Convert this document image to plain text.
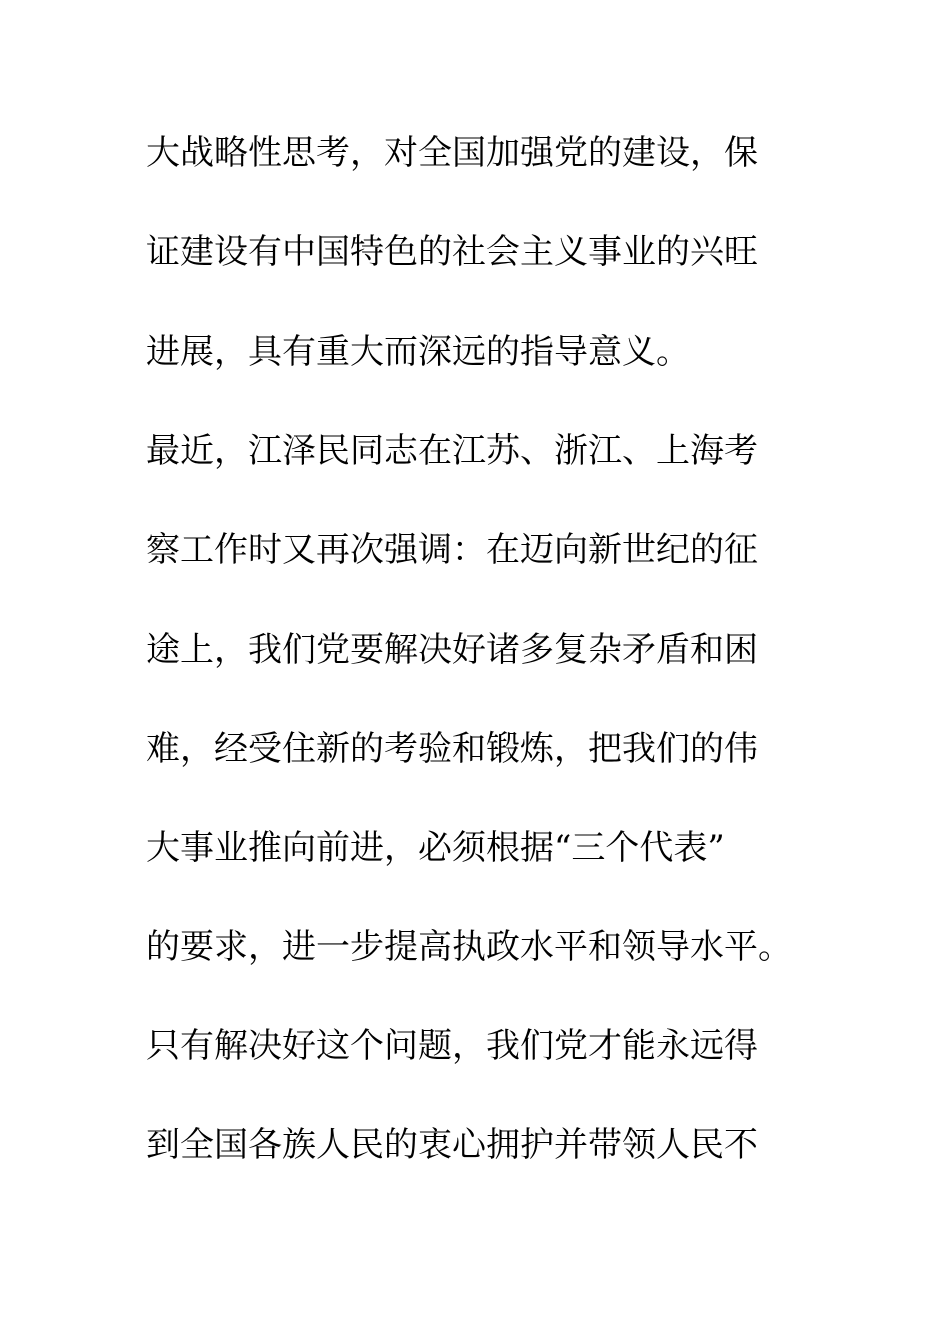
大战略性思考，对全国加强党的建设，保
证建设有中国特色的社会主义事业的兴旺
进展，具有重大而深远的指导意义。
最近，江泽民同志在江苏、浙江、上海考
察工作时又再次强调：在迈向新世纪的征
途上，我们党要解决好诸多复杂矛盾和困
难，经受住新的考验和锻炼，把我们的伟
大事业推向前进，必须根据“三个代表”
的要求，进一步提高执政水平和领导水平。
只有解决好这个问题，我们党才能永远得
到全国各族人民的衷心拥护并带领人民不
